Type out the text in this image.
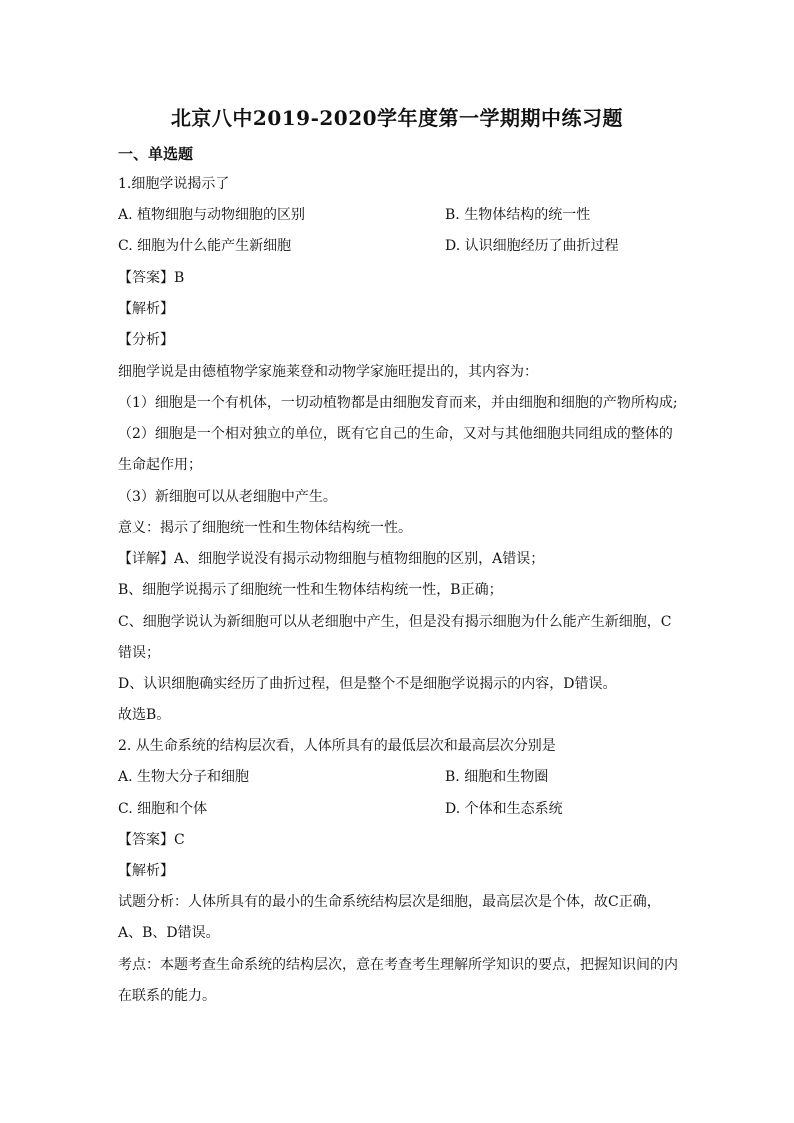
北京八中2019-2020学年度第一学期期中练习题
一、单选题
1.细胞学说揭示了
A. 植物细胞与动物细胞的区别	B. 生物体结构的统一性
C. 细胞为什么能产生新细胞	D. 认识细胞经历了曲折过程
【答案】B
【解析】
【分析】
细胞学说是由德植物学家施莱登和动物学家施旺提出的，其内容为：
（1）细胞是一个有机体，一切动植物都是由细胞发育而来，并由细胞和细胞的产物所构成;
（2）细胞是一个相对独立的单位，既有它自己的生命，又对与其他细胞共同组成的整体的
生命起作用；
（3）新细胞可以从老细胞中产生。
意义：揭示了细胞统一性和生物体结构统一性。
【详解】A、细胞学说没有揭示动物细胞与植物细胞的区别，A错误；
B、细胞学说揭示了细胞统一性和生物体结构统一性，B正确；
C、细胞学说认为新细胞可以从老细胞中产生，但是没有揭示细胞为什么能产生新细胞，C
错误；
D、认识细胞确实经历了曲折过程，但是整个不是细胞学说揭示的内容，D错误。
故选B。
2. 从生命系统的结构层次看，人体所具有的最低层次和最高层次分别是
A. 生物大分子和细胞	B. 细胞和生物圈
C. 细胞和个体	D. 个体和生态系统
【答案】C
【解析】
试题分析：人体所具有的最小的生命系统结构层次是细胞，最高层次是个体，故C正确，
A、B、D错误。
考点：本题考查生命系统的结构层次，意在考查考生理解所学知识的要点，把握知识间的内
在联系的能力。
